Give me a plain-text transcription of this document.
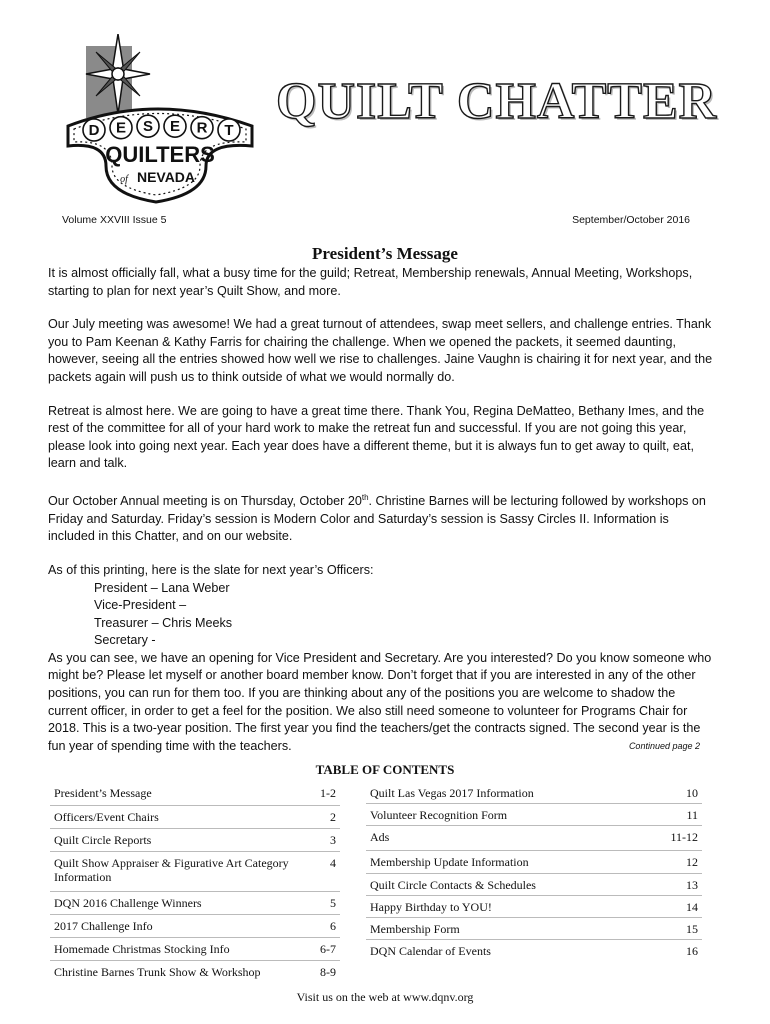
D E S E R T
QUILTERS
of NEVADA
QUILT CHATTER
Volume XXVIII Issue 5	September/October 2016
President’s Message

It is almost officially fall, what a busy time for the guild; Retreat, Membership renewals, Annual Meeting, Workshops, starting to plan for next year’s Quilt Show, and more.

Our July meeting was awesome! We had a great turnout of attendees, swap meet sellers, and challenge entries. Thank you to Pam Keenan & Kathy Farris for chairing the challenge. When we opened the packets, it seemed daunting, however, seeing all the entries showed how well we rise to challenges. Jaine Vaughn is chairing it for next year, and the packets again will push us to think outside of what we would normally do.

Retreat is almost here. We are going to have a great time there. Thank You, Regina DeMatteo, Bethany Imes, and the rest of the committee for all of your hard work to make the retreat fun and successful. If you are not going this year, please look into going next year. Each year does have a different theme, but it is always fun to get away to quilt, eat, learn and talk.

Our October Annual meeting is on Thursday, October 20th. Christine Barnes will be lecturing followed by workshops on Friday and Saturday. Friday’s session is Modern Color and Saturday’s session is Sassy Circles II. Information is included in this Chatter, and on our website.

As of this printing, here is the slate for next year’s Officers:

President – Lana Weber
Vice-President –
Treasurer – Chris Meeks
Secretary -

As you can see, we have an opening for Vice President and Secretary. Are you interested? Do you know someone who might be? Please let myself or another board member know. Don’t forget that if you are interested in any of the other positions, you can run for them too. If you are thinking about any of the positions you are welcome to shadow the current officer, in order to get a feel for the position. We also still need someone to volunteer for Programs Chair for 2018. This is a two-year position. The first year you find the teachers/get the contracts signed. The second year is the fun year of spending time with the teachers.	Continued page 2

TABLE OF CONTENTS
President’s Message	1-2
Officers/Event Chairs	2
Quilt Circle Reports	3
Quilt Show Appraiser & Figurative Art Category Information
4
DQN 2016 Challenge Winners	5
2017 Challenge Info	6
Homemade Christmas Stocking Info	6-7
Christine Barnes Trunk Show & Workshop	8-9
Quilt Las Vegas 2017 Information	10
Volunteer Recognition Form	11
Ads	11-12
Membership Update Information	12
Quilt Circle Contacts & Schedules	13
Happy Birthday to YOU!	14
Membership Form	15
DQN Calendar of Events	16
Visit us on the web at www.dqnv.org
